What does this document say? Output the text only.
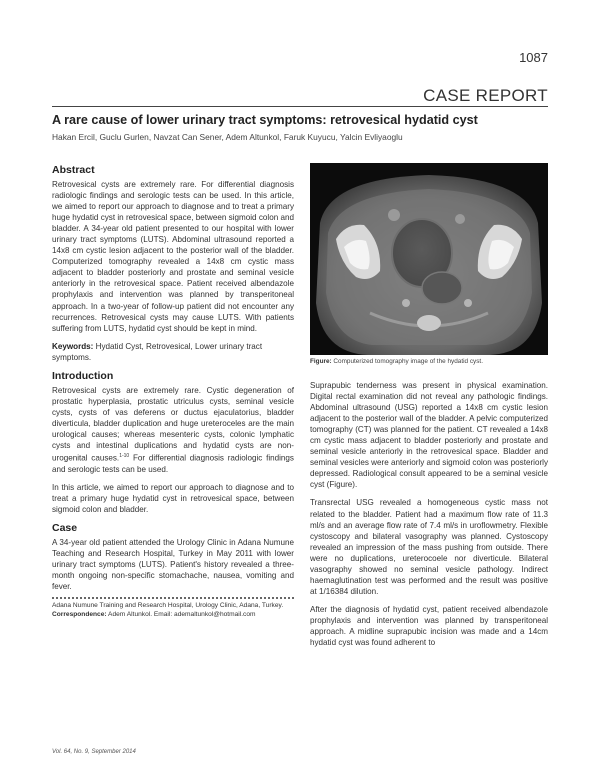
1087
CASE REPORT
A rare cause of lower urinary tract symptoms: retrovesical hydatid cyst
Hakan Ercil, Guclu Gurlen, Navzat Can Sener, Adem Altunkol, Faruk Kuyucu, Yalcin Evliyaoglu
Abstract

Retrovesical cysts are extremely rare. For differential diagnosis radiologic findings and serologic tests can be used. In this article, we aimed to report our approach to diagnose and to treat a primary huge hydatid cyst in retrovesical space, between sigmoid colon and bladder. A 34-year old patient presented to our hospital with lower urinary tract symptoms (LUTS). Abdominal ultrasound reported a 14x8 cm cystic lesion adjacent to the posterior wall of the bladder. Computerized tomography revealed a 14x8 cm cystic mass adjacent to bladder posteriorly and prostate and seminal vesicle anteriorly in the retrovesical space. Patient received albendazole prophylaxis and intervention was planned by transperitoneal approach. In a two-year of follow-up patient did not encounter any recurrences. Retrovesical cysts may cause LUTS. With patients suffering from LUTS, hydatid cyst should be kept in mind.

Keywords: Hydatid Cyst, Retrovesical, Lower urinary tract symptoms.

Introduction

Retrovesical cysts are extremely rare. Cystic degeneration of prostatic hyperplasia, prostatic utriculus cysts, seminal vesicle cysts, cysts of vas deferens or ductus ejaculatorius, bladder diverticula, bladder duplication and huge ureteroceles are the main urological causes; whereas mesenteric cysts, colonic lymphatic cysts and intestinal duplications and hydatid cysts are non-urogenital causes.$^{1-10}$ For differential diagnosis radiologic findings and serologic tests can be used.

In this article, we aimed to report our approach to diagnose and to treat a primary huge hydatid cyst in retrovesical space, between sigmoid colon and bladder.

Case

A 34-year old patient attended the Urology Clinic in Adana Numune Teaching and Research Hospital, Turkey in May 2011 with lower urinary tract symptoms (LUTS). Patient's history revealed a three-month ongoing non-specific stomachache, nausea, vomiting and fever.

Adana Numune Training and Research Hospital, Urology Clinic, Adana, Turkey.

Correspondence: Adem Altunkol. Email: ademaltunkol@hotmail.com

Figure: Computerized tomography image of the hydatid cyst.

Suprapubic tenderness was present in physical examination. Digital rectal examination did not reveal any pathologic findings. Abdominal ultrasound (USG) reported a 14x8 cm cystic lesion adjacent to the posterior wall of the bladder. A pelvic computerized tomography (CT) was planned for the patient. CT revealed a 14x8 cm cystic mass adjacent to bladder posteriorly and prostate and seminal vesicle anteriorly in the retrovesical space. Bladder and seminal vesicles were anteriorly and sigmoid colon was posteriorly depressed. Radiological consult appeared to be a seminal vesicle cyst (Figure).

Transrectal USG revealed a homogeneous cystic mass not related to the bladder. Patient had a maximum flow rate of 11.3 ml/s and an average flow rate of 7.4 ml/s in uroflowmetry. Flexible cystoscopy and bilateral vasography was planned. Cystoscopy revealed an impression of the mass pushing from outside. There were no duplications, ureterocoele nor diverticule. Bilateral vasography showed no seminal vesicle pathology. Indirect haemaglutination test was performed and the result was positive at 1/16384 dilution.

After the diagnosis of hydatid cyst, patient received albendazole prophylaxis and intervention was planned by transperitoneal approach. A midline suprapubic incision was made and a 14cm hydatid cyst was found adherent to

Vol. 64, No. 9, September 2014
